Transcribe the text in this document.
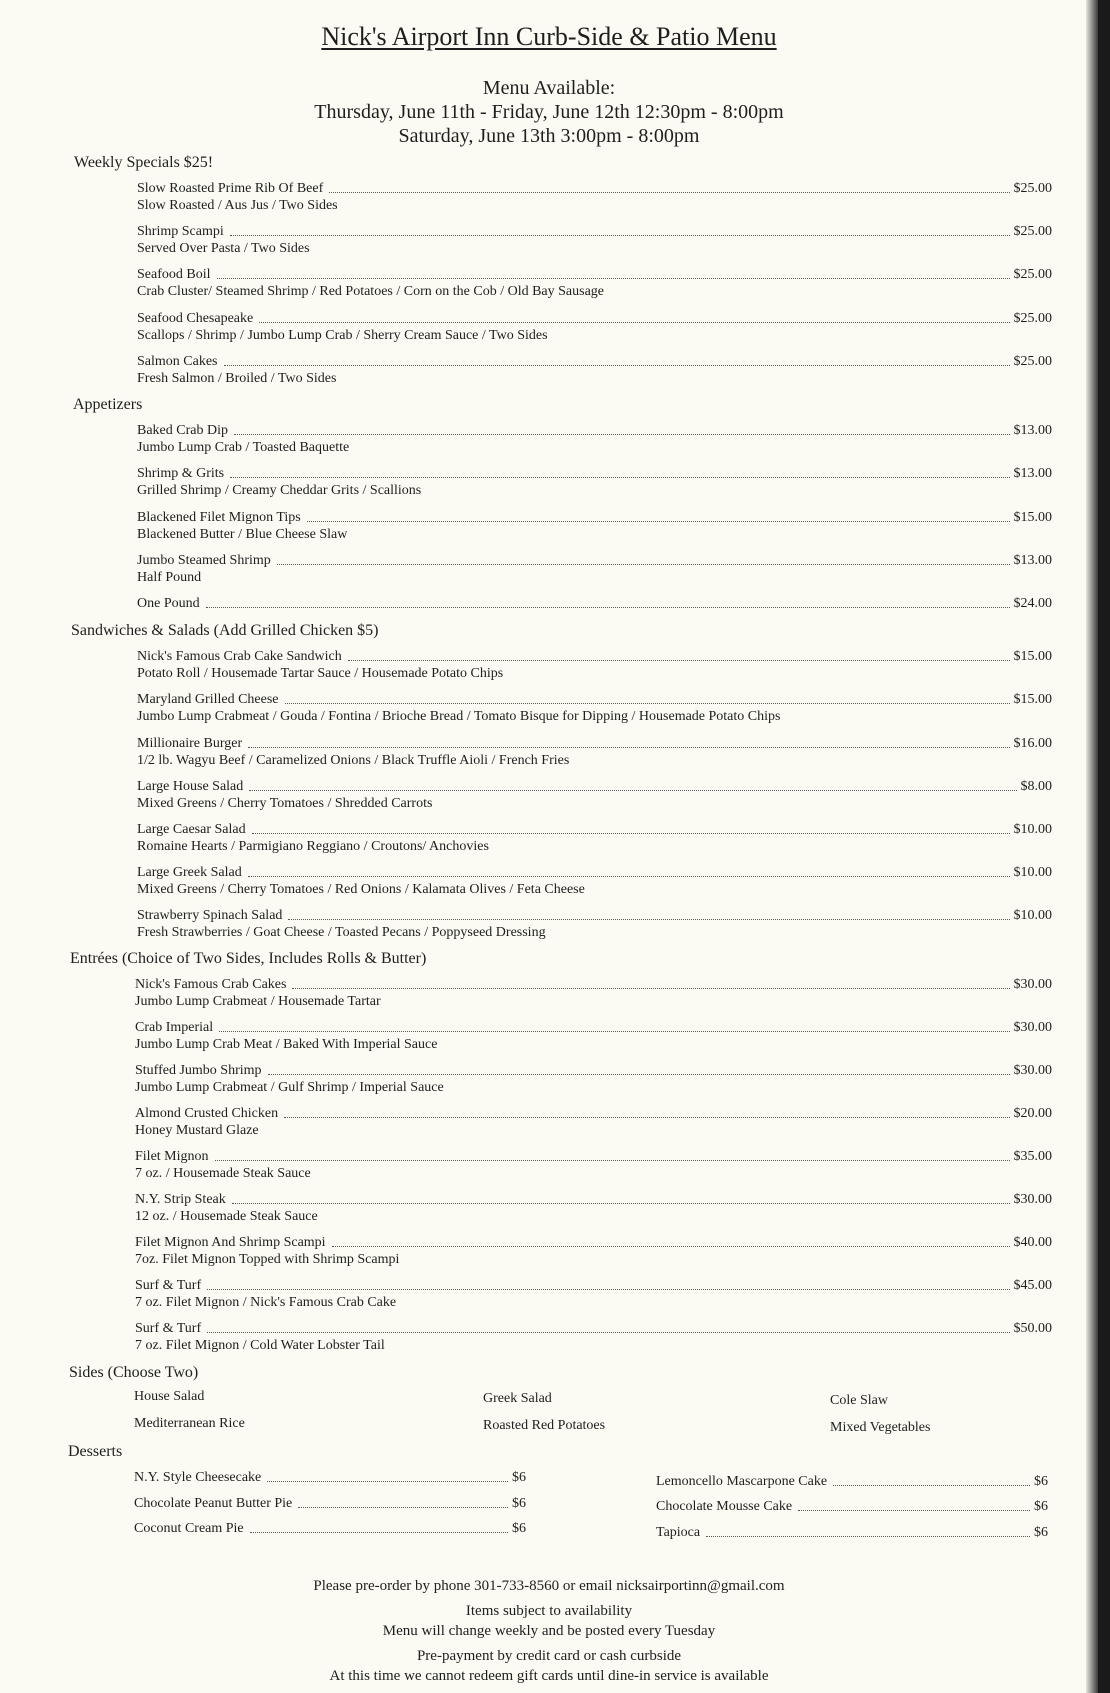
Nick's Airport Inn Curb-Side & Patio Menu
Menu Available:
Thursday, June 11th - Friday, June 12th 12:30pm - 8:00pm
Saturday, June 13th 3:00pm - 8:00pm
Weekly Specials $25!
Slow Roasted Prime Rib Of Beef	$25.00
Slow Roasted / Aus Jus / Two Sides
Shrimp Scampi	$25.00
Served Over Pasta / Two Sides
Seafood Boil	$25.00
Crab Cluster/ Steamed Shrimp / Red Potatoes / Corn on the Cob / Old Bay Sausage
Seafood Chesapeake	$25.00
Scallops / Shrimp / Jumbo Lump Crab / Sherry Cream Sauce / Two Sides
Salmon Cakes	$25.00
Fresh Salmon / Broiled / Two Sides
Appetizers
Baked Crab Dip	$13.00
Jumbo Lump Crab / Toasted Baquette
Shrimp & Grits	$13.00
Grilled Shrimp / Creamy Cheddar Grits / Scallions
Blackened Filet Mignon Tips	$15.00
Blackened Butter / Blue Cheese Slaw
Jumbo Steamed Shrimp	$13.00
Half Pound
One Pound	$24.00
Sandwiches & Salads (Add Grilled Chicken $5)
Nick's Famous Crab Cake Sandwich	$15.00
Potato Roll / Housemade Tartar Sauce / Housemade Potato Chips
Maryland Grilled Cheese	$15.00
Jumbo Lump Crabmeat / Gouda / Fontina / Brioche Bread / Tomato Bisque for Dipping / Housemade Potato Chips
Millionaire Burger	$16.00
1/2 lb. Wagyu Beef / Caramelized Onions / Black Truffle Aioli / French Fries
Large House Salad	$8.00
Mixed Greens / Cherry Tomatoes / Shredded Carrots
Large Caesar Salad	$10.00
Romaine Hearts / Parmigiano Reggiano / Croutons/ Anchovies
Large Greek Salad	$10.00
Mixed Greens / Cherry Tomatoes / Red Onions / Kalamata Olives / Feta Cheese
Strawberry Spinach Salad	$10.00
Fresh Strawberries / Goat Cheese / Toasted Pecans / Poppyseed Dressing
Entrées (Choice of Two Sides, Includes Rolls & Butter)
Nick's Famous Crab Cakes	$30.00
Jumbo Lump Crabmeat / Housemade Tartar
Crab Imperial	$30.00
Jumbo Lump Crab Meat / Baked With Imperial Sauce
Stuffed Jumbo Shrimp	$30.00
Jumbo Lump Crabmeat / Gulf Shrimp / Imperial Sauce
Almond Crusted Chicken	$20.00
Honey Mustard Glaze
Filet Mignon	$35.00
7 oz. / Housemade Steak Sauce
N.Y. Strip Steak	$30.00
12 oz. / Housemade Steak Sauce
Filet Mignon And Shrimp Scampi	$40.00
7oz. Filet Mignon Topped with Shrimp Scampi
Surf & Turf	$45.00
7 oz. Filet Mignon / Nick's Famous Crab Cake
Surf & Turf	$50.00
7 oz. Filet Mignon / Cold Water Lobster Tail
Sides (Choose Two)
House Salad	Greek Salad	Cole Slaw
Mediterranean Rice	Roasted Red Potatoes	Mixed Vegetables
Desserts
N.Y. Style Cheesecake	$6	Lemoncello Mascarpone Cake	$6
Chocolate Peanut Butter Pie	$6	Chocolate Mousse Cake	$6
Coconut Cream Pie	$6	Tapioca	$6
Please pre-order by phone 301-733-8560 or email nicksairportinn@gmail.com
Items subject to availability
Menu will change weekly and be posted every Tuesday
Pre-payment by credit card or cash curbside
At this time we cannot redeem gift cards until dine-in service is available
